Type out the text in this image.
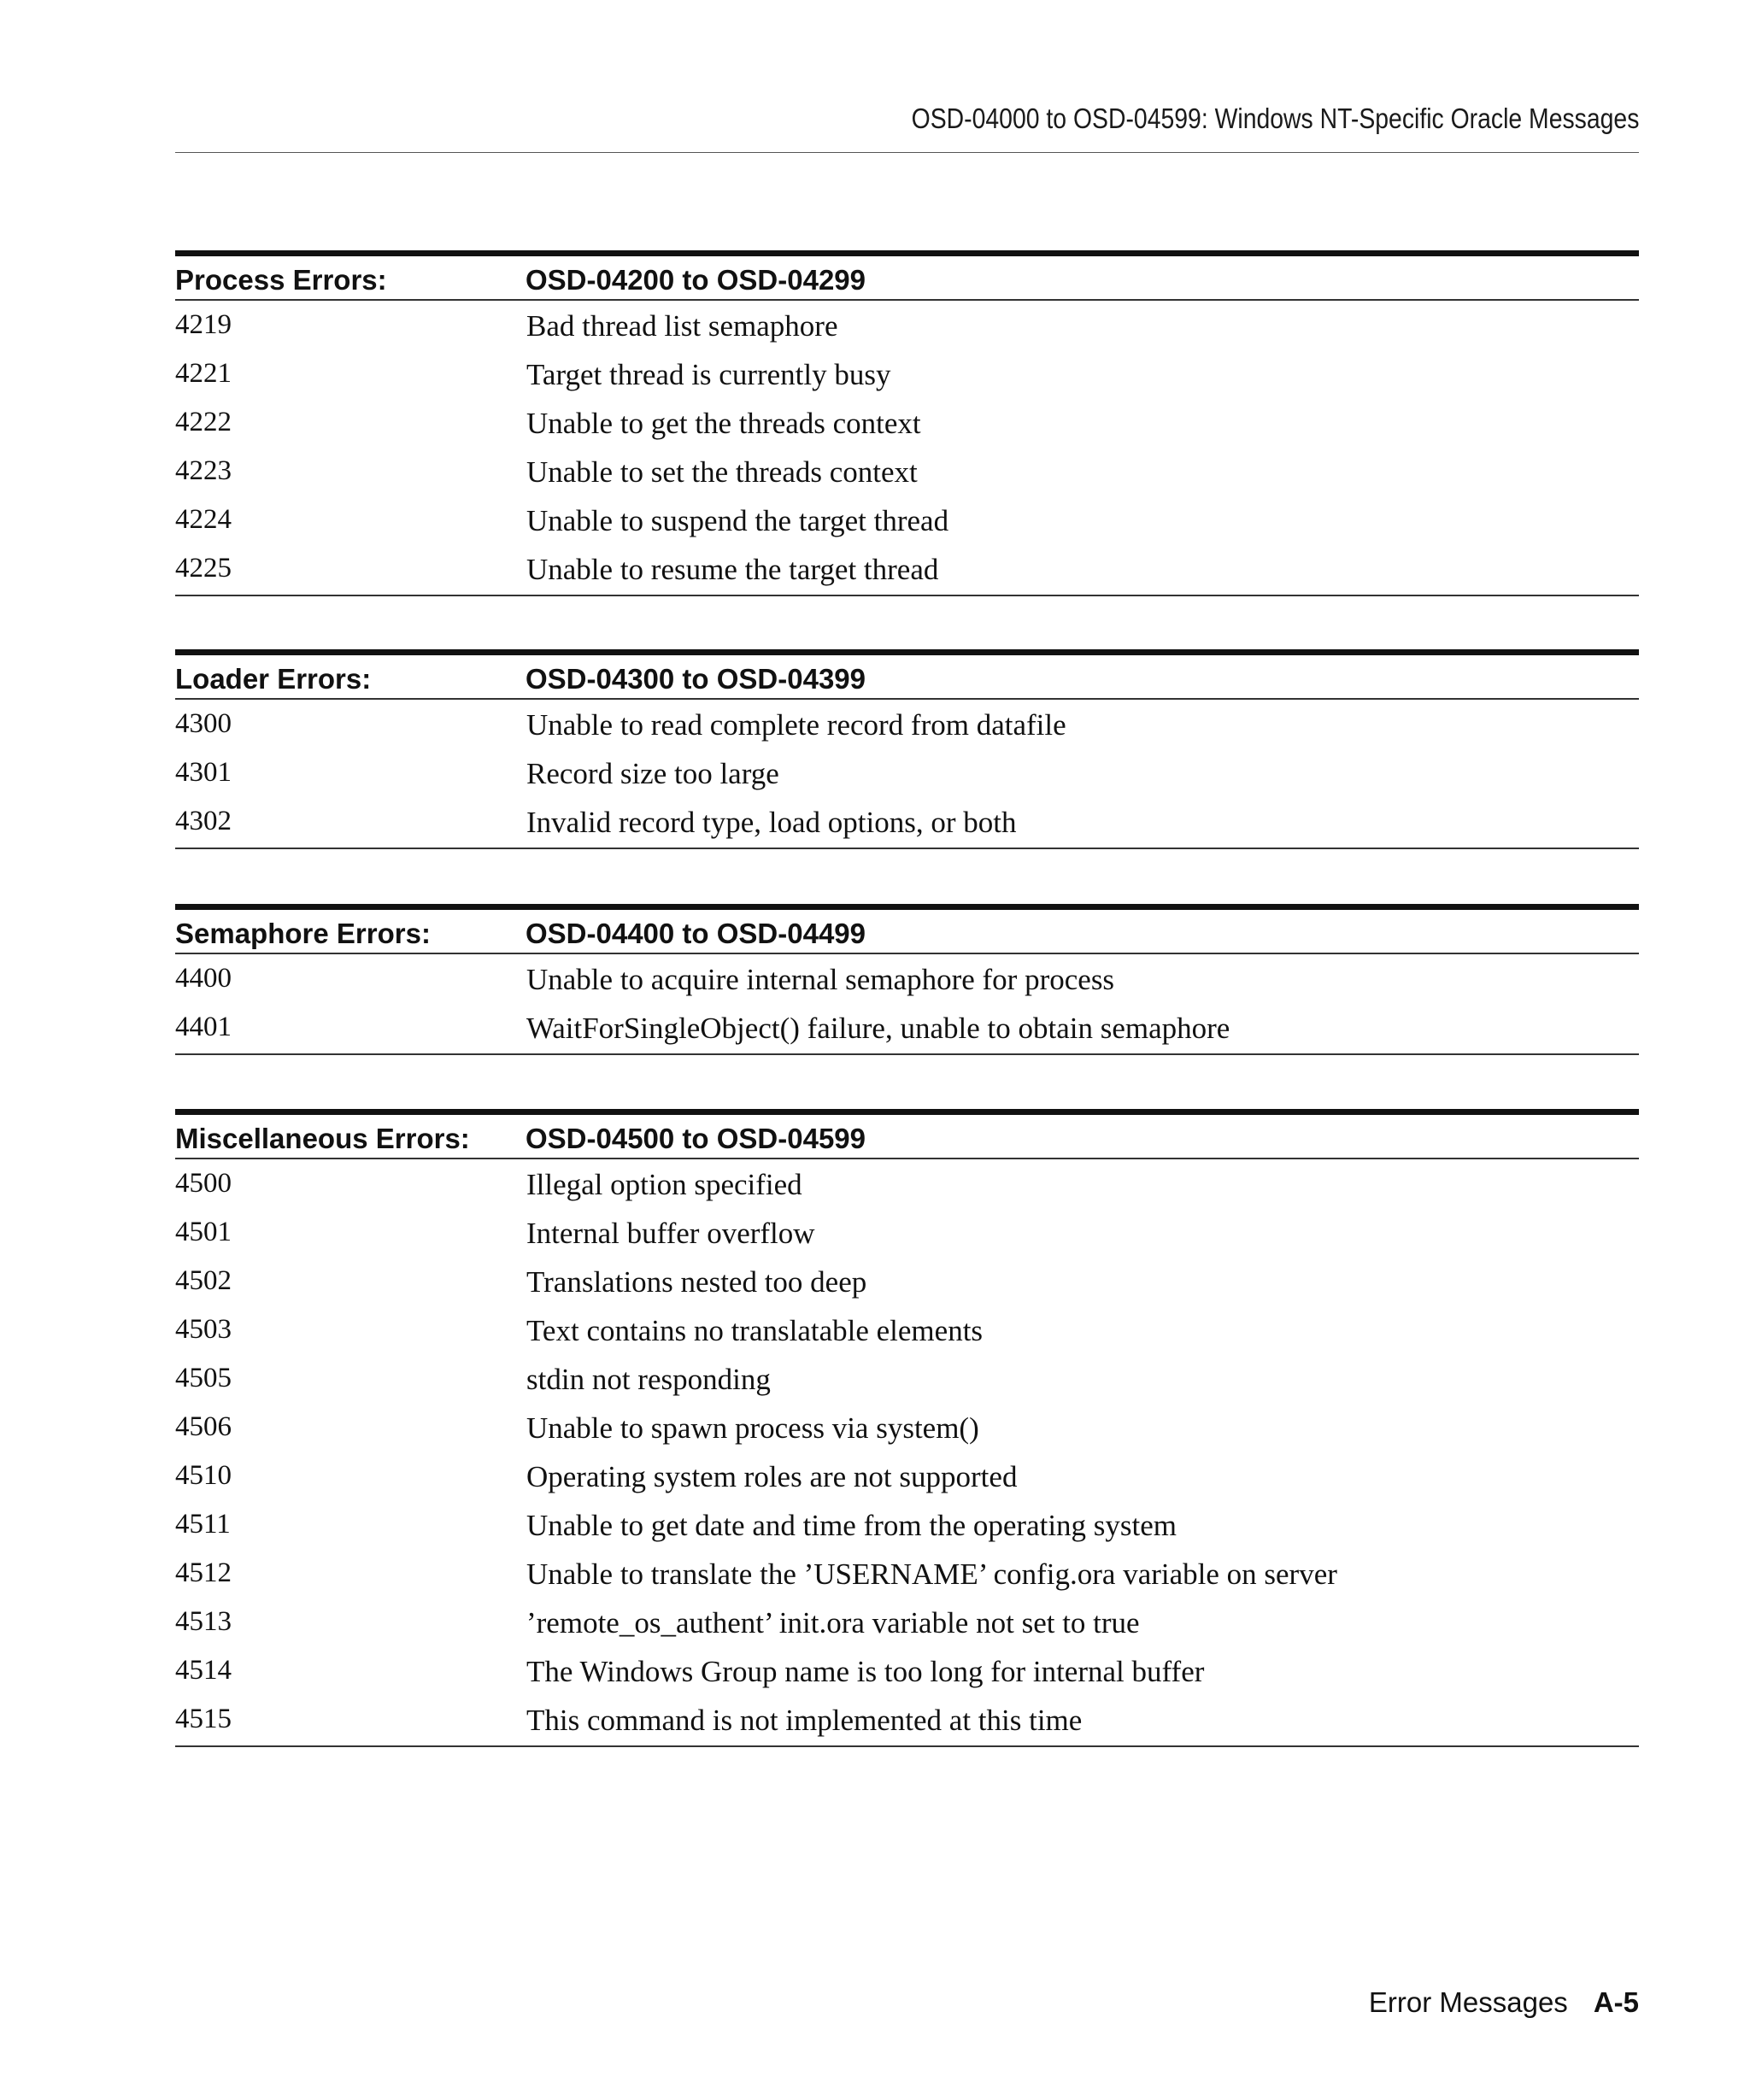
OSD-04000 to OSD-04599: Windows NT-Specific Oracle Messages
Process Errors:	OSD-04200 to OSD-04299
4219	Bad thread list semaphore
4221	Target thread is currently busy
4222	Unable to get the threads context
4223	Unable to set the threads context
4224	Unable to suspend the target thread
4225	Unable to resume the target thread
Loader Errors:	OSD-04300 to OSD-04399
4300	Unable to read complete record from datafile
4301	Record size too large
4302	Invalid record type, load options, or both
Semaphore Errors:	OSD-04400 to OSD-04499
4400	Unable to acquire internal semaphore for process
4401	WaitForSingleObject() failure, unable to obtain semaphore
Miscellaneous Errors: OSD-04500 to OSD-04599
4500	Illegal option specified
4501	Internal buffer overflow
4502	Translations nested too deep
4503	Text contains no translatable elements
4505	stdin not responding
4506	Unable to spawn process via system()
4510	Operating system roles are not supported
4511	Unable to get date and time from the operating system
4512	Unable to translate the ’USERNAME’ config.ora variable on server
4513	’remote_os_authent’ init.ora variable not set to true
4514	The Windows Group name is too long for internal buffer
4515	This command is not implemented at this time
Error Messages A-5
